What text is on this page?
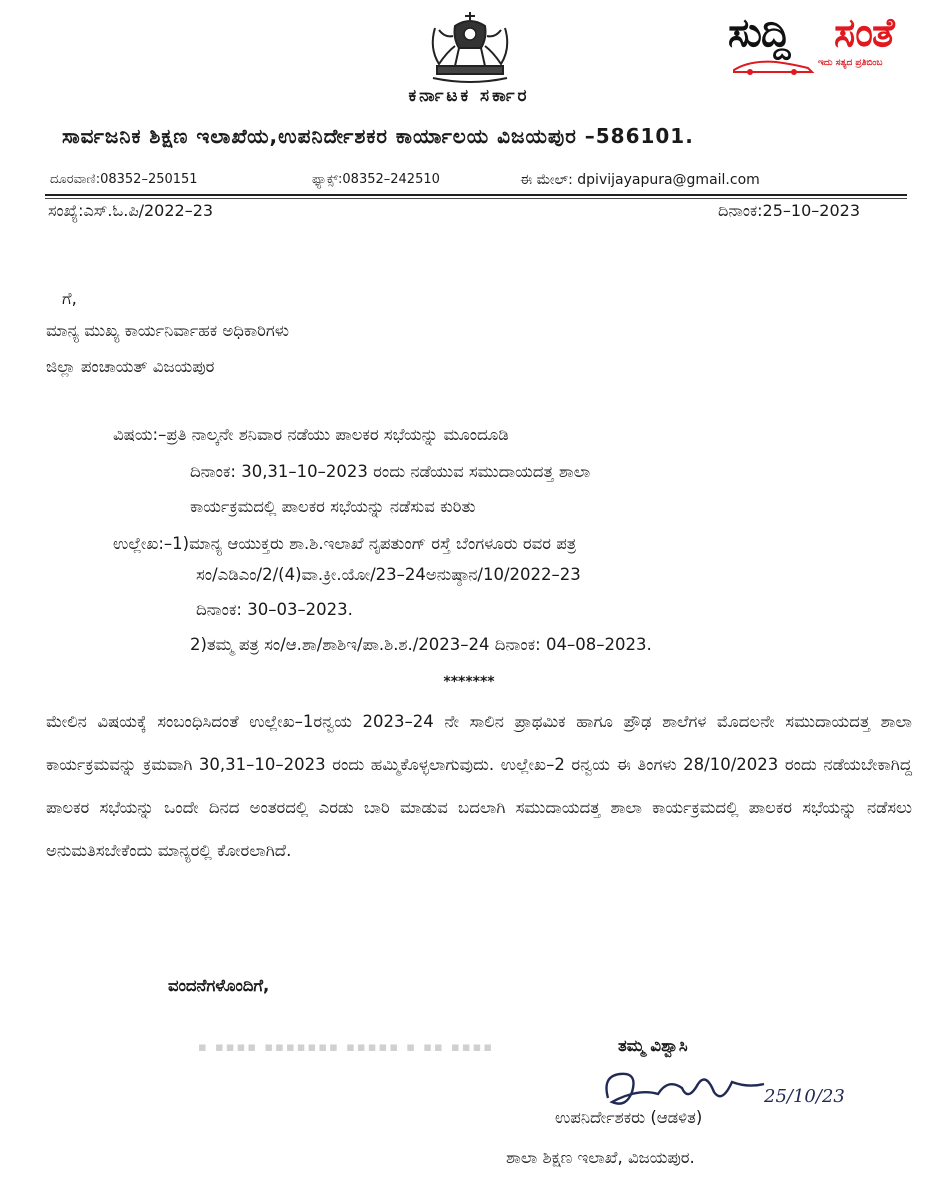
ಸುದ್ದಿ ಸಂತೆ
ಇದು ಸತ್ಯದ ಪ್ರತಿಬಿಂಬ
ಕರ್ನಾಟಕ ಸರ್ಕಾರ
ಸಾರ್ವಜನಿಕ ಶಿಕ್ಷಣ ಇಲಾಖೆಯ,ಉಪನಿರ್ದೇಶಕರ ಕಾರ್ಯಾಲಯ ವಿಜಯಪುರ –586101.
ದೂರವಾಣಿ:08352–250151	ಫ್ಯಾಕ್ಸ್:08352–242510	ಈ ಮೇಲ್: dpivijayapura@gmail.com
ಸಂಖ್ಯೆ:ಎಸ್.ಓ.ಪಿ/2022–23	ದಿನಾಂಕ:25–10–2023
ಗೆ,
ಮಾನ್ಯ ಮುಖ್ಯ ಕಾರ್ಯನಿರ್ವಾಹಕ ಅಧಿಕಾರಿಗಳು
ಜಿಲ್ಲಾ ಪಂಚಾಯತ್ ವಿಜಯಪುರ
ವಿಷಯ:–ಪ್ರತಿ ನಾಲ್ಕನೇ ಶನಿವಾರ ನಡೆಯು ಪಾಲಕರ ಸಭೆಯನ್ನು ಮೂಂದೂಡಿ
ದಿನಾಂಕ: 30,31–10–2023 ರಂದು ನಡೆಯುವ ಸಮುದಾಯದತ್ತ ಶಾಲಾ
ಕಾರ್ಯಕ್ರಮದಲ್ಲಿ ಪಾಲಕರ ಸಭೆಯನ್ನು ನಡೆಸುವ ಕುರಿತು
ಉಲ್ಲೇಖ:–1)ಮಾನ್ಯ ಆಯುಕ್ತರು ಶಾ.ಶಿ.ಇಲಾಖೆ ನೃಪತುಂಗ್ ರಸ್ತೆ ಬೆಂಗಳೂರು ರವರ ಪತ್ರ
ಸಂ/ಎಡಿಎಂ/2/(4)ವಾ.ಕ್ರೀ.ಯೋ/23–24ಅನುಷ್ಠಾನ/10/2022–23
ದಿನಾಂಕ: 30–03–2023.
2)ತಮ್ಮ ಪತ್ರ ಸಂ/ಆ.ಶಾ/ಶಾಶಿಇ/ಪಾ.ಶಿ.ಶ./2023–24 ದಿನಾಂಕ: 04–08–2023.
*******
ಮೇಲಿನ ವಿಷಯಕ್ಕೆ ಸಂಬಂಧಿಸಿದಂತೆ ಉಲ್ಲೇಖ–1ರನ್ವಯ 2023–24 ನೇ ಸಾಲಿನ ಪ್ರಾಥಮಿಕ ಹಾಗೂ ಪ್ರೌಢ ಶಾಲೆಗಳ ಮೊದಲನೇ ಸಮುದಾಯದತ್ತ ಶಾಲಾ ಕಾರ್ಯಕ್ರಮವನ್ನು ಕ್ರಮವಾಗಿ 30,31–10–2023 ರಂದು ಹಮ್ಮಿಕೊಳ್ಳಲಾಗುವುದು. ಉಲ್ಲೇಖ–2 ರನ್ವಯ ಈ ತಿಂಗಳು 28/10/2023 ರಂದು ನಡೆಯಬೇಕಾಗಿದ್ದ ಪಾಲಕರ ಸಭೆಯನ್ನು ಒಂದೇ ದಿನದ ಅಂತರದಲ್ಲಿ ಎರಡು ಬಾರಿ ಮಾಡುವ ಬದಲಾಗಿ ಸಮುದಾಯದತ್ತ ಶಾಲಾ ಕಾರ್ಯಕ್ರಮದಲ್ಲಿ ಪಾಲಕರ ಸಭೆಯನ್ನು ನಡೆಸಲು ಅನುಮತಿಸಬೇಕೆಂದು ಮಾನ್ಯರಲ್ಲಿ ಕೋರಲಾಗಿದೆ.
ವಂದನೆಗಳೊಂದಿಗೆ,
▪ ▪▪▪▪ ▪▪▪▪▪▪▪ ▪▪▪▪▪ ▪ ▪▪ ▪▪▪▪	ತಮ್ಮ ವಿಶ್ವಾಸಿ
25/10/23
ಉಪನಿರ್ದೇಶಕರು (ಆಡಳಿತ)
ಶಾಲಾ ಶಿಕ್ಷಣ ಇಲಾಖೆ, ವಿಜಯಪುರ.
